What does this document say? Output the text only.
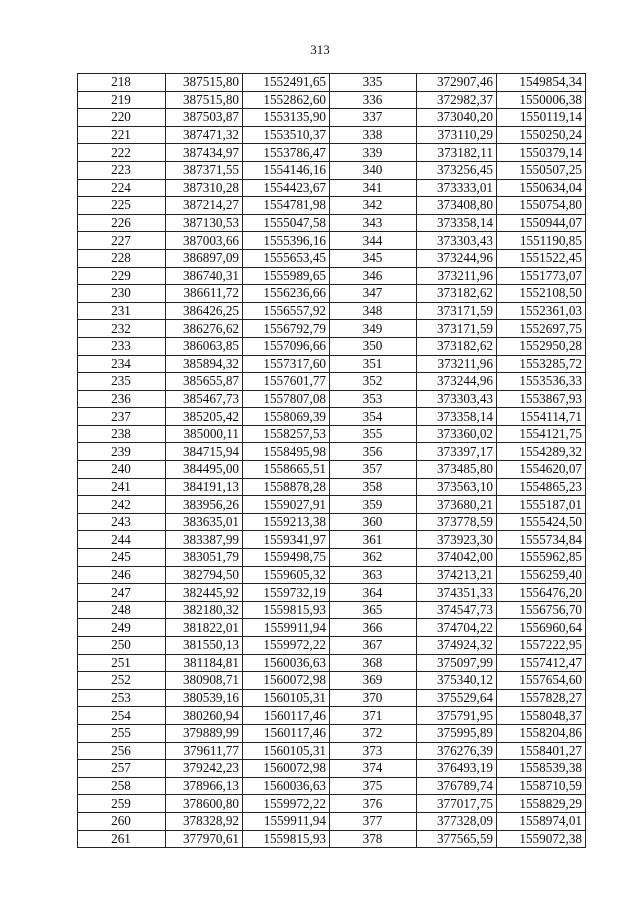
313
218	387515,80	1552491,65	335	372907,46	1549854,34
219	387515,80	1552862,60	336	372982,37	1550006,38
220	387503,87	1553135,90	337	373040,20	1550119,14
221	387471,32	1553510,37	338	373110,29	1550250,24
222	387434,97	1553786,47	339	373182,11	1550379,14
223	387371,55	1554146,16	340	373256,45	1550507,25
224	387310,28	1554423,67	341	373333,01	1550634,04
225	387214,27	1554781,98	342	373408,80	1550754,80
226	387130,53	1555047,58	343	373358,14	1550944,07
227	387003,66	1555396,16	344	373303,43	1551190,85
228	386897,09	1555653,45	345	373244,96	1551522,45
229	386740,31	1555989,65	346	373211,96	1551773,07
230	386611,72	1556236,66	347	373182,62	1552108,50
231	386426,25	1556557,92	348	373171,59	1552361,03
232	386276,62	1556792,79	349	373171,59	1552697,75
233	386063,85	1557096,66	350	373182,62	1552950,28
234	385894,32	1557317,60	351	373211,96	1553285,72
235	385655,87	1557601,77	352	373244,96	1553536,33
236	385467,73	1557807,08	353	373303,43	1553867,93
237	385205,42	1558069,39	354	373358,14	1554114,71
238	385000,11	1558257,53	355	373360,02	1554121,75
239	384715,94	1558495,98	356	373397,17	1554289,32
240	384495,00	1558665,51	357	373485,80	1554620,07
241	384191,13	1558878,28	358	373563,10	1554865,23
242	383956,26	1559027,91	359	373680,21	1555187,01
243	383635,01	1559213,38	360	373778,59	1555424,50
244	383387,99	1559341,97	361	373923,30	1555734,84
245	383051,79	1559498,75	362	374042,00	1555962,85
246	382794,50	1559605,32	363	374213,21	1556259,40
247	382445,92	1559732,19	364	374351,33	1556476,20
248	382180,32	1559815,93	365	374547,73	1556756,70
249	381822,01	1559911,94	366	374704,22	1556960,64
250	381550,13	1559972,22	367	374924,32	1557222,95
251	381184,81	1560036,63	368	375097,99	1557412,47
252	380908,71	1560072,98	369	375340,12	1557654,60
253	380539,16	1560105,31	370	375529,64	1557828,27
254	380260,94	1560117,46	371	375791,95	1558048,37
255	379889,99	1560117,46	372	375995,89	1558204,86
256	379611,77	1560105,31	373	376276,39	1558401,27
257	379242,23	1560072,98	374	376493,19	1558539,38
258	378966,13	1560036,63	375	376789,74	1558710,59
259	378600,80	1559972,22	376	377017,75	1558829,29
260	378328,92	1559911,94	377	377328,09	1558974,01
261	377970,61	1559815,93	378	377565,59	1559072,38
